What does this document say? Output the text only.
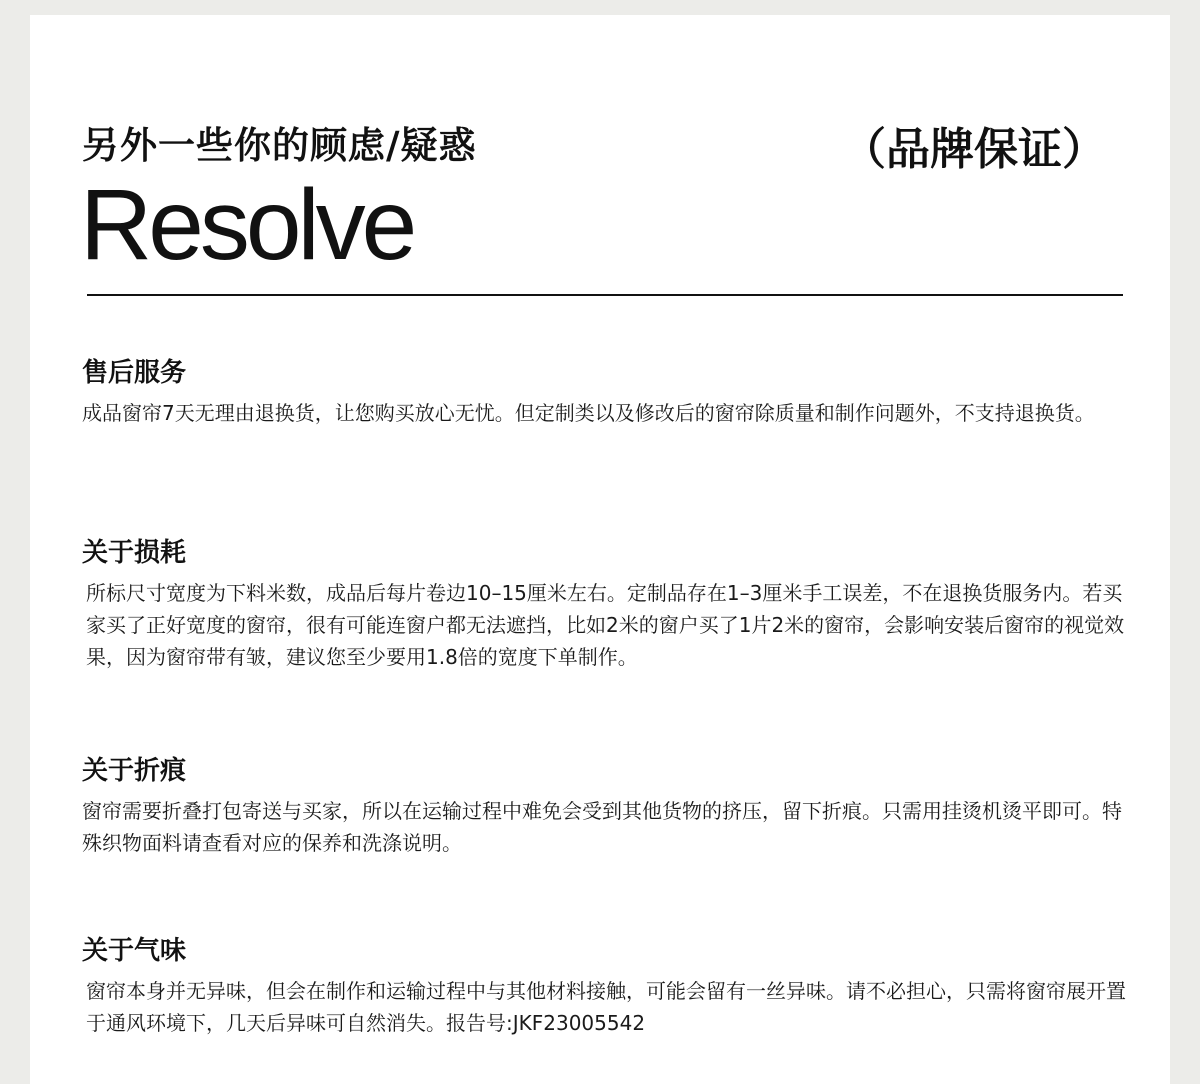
另外一些你的顾虑/疑惑	（品牌保证）
Resolve
售后服务

成品窗帘7天无理由退换货，让您购买放心无忧。但定制类以及修改后的窗帘除质量和制作问题外，不支持退换货。

关于损耗

所标尺寸宽度为下料米数，成品后每片卷边10–15厘米左右。定制品存在1–3厘米手工误差，不在退换货服务内。若买家买了正好宽度的窗帘，很有可能连窗户都无法遮挡，比如2米的窗户买了1片2米的窗帘，会影响安装后窗帘的视觉效果，因为窗帘带有皱，建议您至少要用1.8倍的宽度下单制作。

关于折痕

窗帘需要折叠打包寄送与买家，所以在运输过程中难免会受到其他货物的挤压，留下折痕。只需用挂烫机烫平即可。特殊织物面料请查看对应的保养和洗涤说明。

关于气味

窗帘本身并无异味，但会在制作和运输过程中与其他材料接触，可能会留有一丝异味。请不必担心，只需将窗帘展开置于通风环境下，几天后异味可自然消失。报告号:JKF23005542
